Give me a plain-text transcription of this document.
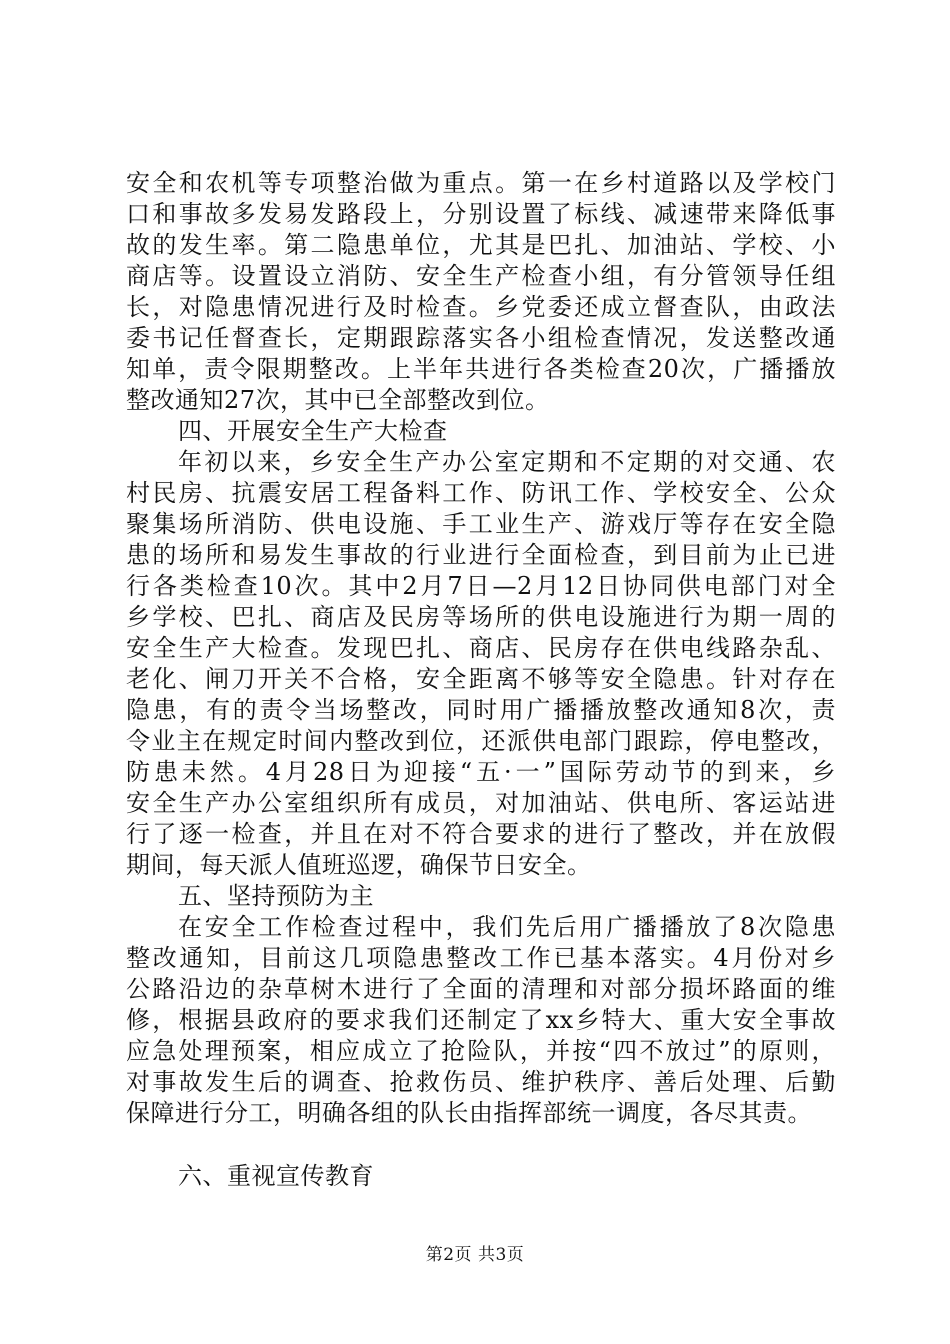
安全和农机等专项整治做为重点。第一在乡村道路以及学校门
口和事故多发易发路段上，分别设置了标线、减速带来降低事
故的发生率。第二隐患单位，尤其是巴扎、加油站、学校、小
商店等。设置设立消防、安全生产检查小组，有分管领导任组
长，对隐患情况进行及时检查。乡党委还成立督查队，由政法
委书记任督查长，定期跟踪落实各小组检查情况，发送整改通
知单，责令限期整改。上半年共进行各类检查20次，广播播放
整改通知27次，其中已全部整改到位。
四、开展安全生产大检查
年初以来，乡安全生产办公室定期和不定期的对交通、农
村民房、抗震安居工程备料工作、防讯工作、学校安全、公众
聚集场所消防、供电设施、手工业生产、游戏厅等存在安全隐
患的场所和易发生事故的行业进行全面检查，到目前为止已进
行各类检查10次。其中2月7日—2月12日协同供电部门对全
乡学校、巴扎、商店及民房等场所的供电设施进行为期一周的
安全生产大检查。发现巴扎、商店、民房存在供电线路杂乱、
老化、闸刀开关不合格，安全距离不够等安全隐患。针对存在
隐患，有的责令当场整改，同时用广播播放整改通知8次，责
令业主在规定时间内整改到位，还派供电部门跟踪，停电整改，
防患未然。4月28日为迎接“五·一”国际劳动节的到来，乡
安全生产办公室组织所有成员，对加油站、供电所、客运站进
行了逐一检查，并且在对不符合要求的进行了整改，并在放假
期间，每天派人值班巡逻，确保节日安全。
五、坚持预防为主
在安全工作检查过程中，我们先后用广播播放了8次隐患
整改通知，目前这几项隐患整改工作已基本落实。4月份对乡
公路沿边的杂草树木进行了全面的清理和对部分损坏路面的维
修，根据县政府的要求我们还制定了xx乡特大、重大安全事故
应急处理预案，相应成立了抢险队，并按“四不放过”的原则，
对事故发生后的调查、抢救伤员、维护秩序、善后处理、后勤
保障进行分工，明确各组的队长由指挥部统一调度，各尽其责。
六、重视宣传教育
第2页 共3页
